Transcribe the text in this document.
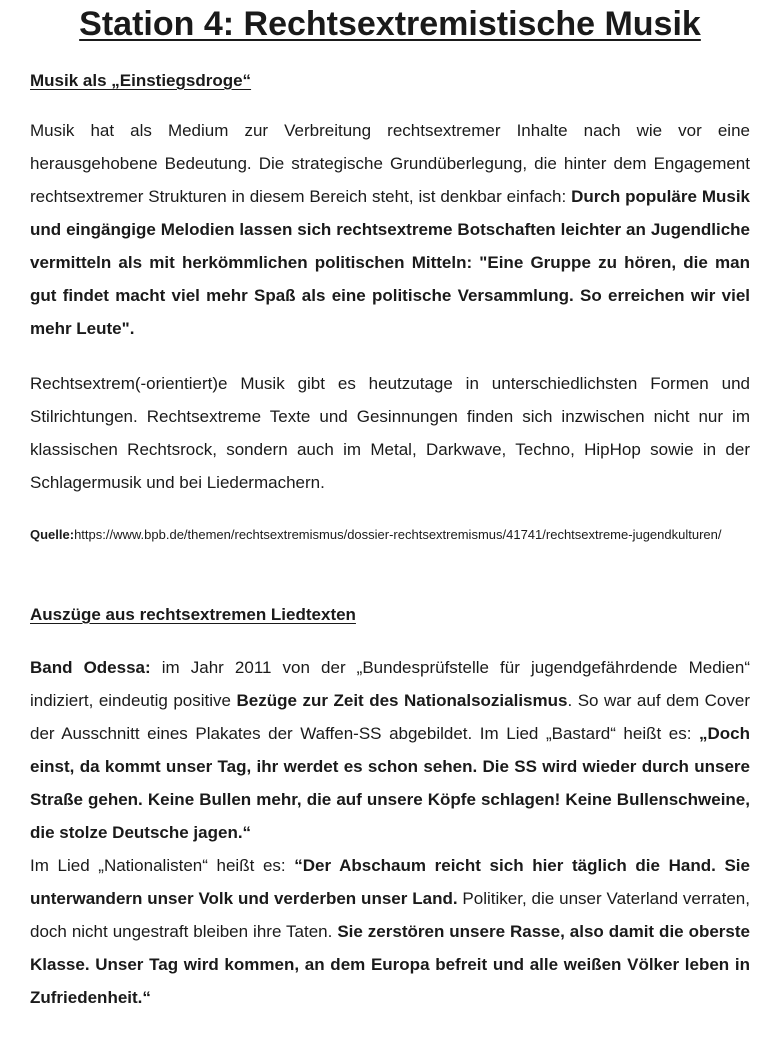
Station 4: Rechtsextremistische Musik
Musik als „Einstiegsdroge“

Musik hat als Medium zur Verbreitung rechtsextremer Inhalte nach wie vor eine herausgehobene Bedeutung. Die strategische Grundüberlegung, die hinter dem Engagement rechtsextremer Strukturen in diesem Bereich steht, ist denkbar einfach: Durch populäre Musik und eingängige Melodien lassen sich rechtsextreme Botschaften leichter an Jugendliche vermitteln als mit herkömmlichen politischen Mitteln: "Eine Gruppe zu hören, die man gut findet macht viel mehr Spaß als eine politische Versammlung. So erreichen wir viel mehr Leute".

Rechtsextrem(-orientiert)e Musik gibt es heutzutage in unterschiedlichsten Formen und Stilrichtungen. Rechtsextreme Texte und Gesinnungen finden sich inzwischen nicht nur im klassischen Rechtsrock, sondern auch im Metal, Darkwave, Techno, HipHop sowie in der Schlagermusik und bei Liedermachern.

Quelle:https://www.bpb.de/themen/rechtsextremismus/dossier-rechtsextremismus/41741/rechtsextreme-jugendkulturen/

Auszüge aus rechtsextremen Liedtexten

Band Odessa: im Jahr 2011 von der „Bundesprüfstelle für jugendgefährdende Medien“ indiziert, eindeutig positive Bezüge zur Zeit des Nationalsozialismus. So war auf dem Cover der Ausschnitt eines Plakates der Waffen-SS abgebildet. Im Lied „Bastard“ heißt es: „Doch einst, da kommt unser Tag, ihr werdet es schon sehen. Die SS wird wieder durch unsere Straße gehen. Keine Bullen mehr, die auf unsere Köpfe schlagen! Keine Bullenschweine, die stolze Deutsche jagen.“
Im Lied „Nationalisten“ heißt es: “Der Abschaum reicht sich hier täglich die Hand. Sie unterwandern unser Volk und verderben unser Land. Politiker, die unser Vaterland verraten, doch nicht ungestraft bleiben ihre Taten. Sie zerstören unsere Rasse, also damit die oberste Klasse. Unser Tag wird kommen, an dem Europa befreit und alle weißen Völker leben in Zufriedenheit.“
